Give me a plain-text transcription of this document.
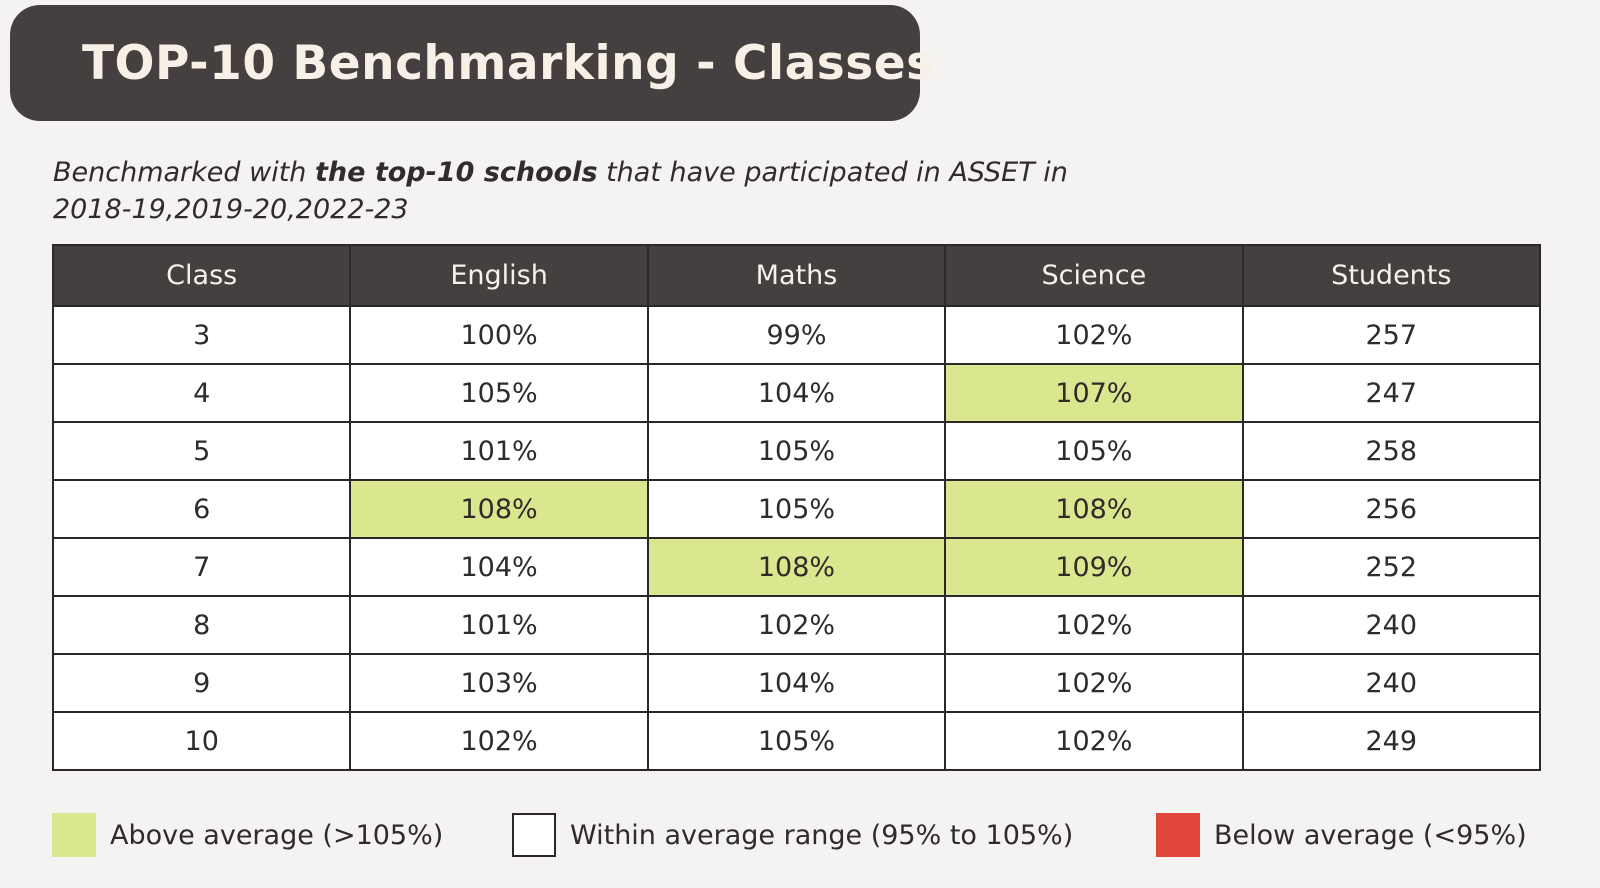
TOP-10 Benchmarking - Classes
Benchmarked with the top-10 schools that have participated in ASSET in
2018-19,2019-20,2022-23
Class	English	Maths	Science	Students
3	100%	99%	102%	257
4	105%	104%	107%	247
5	101%	105%	105%	258
6	108%	105%	108%	256
7	104%	108%	109%	252
8	101%	102%	102%	240
9	103%	104%	102%	240
10	102%	105%	102%	249
Above average (>105%)	Within average range (95% to 105%)	Below average (<95%)
